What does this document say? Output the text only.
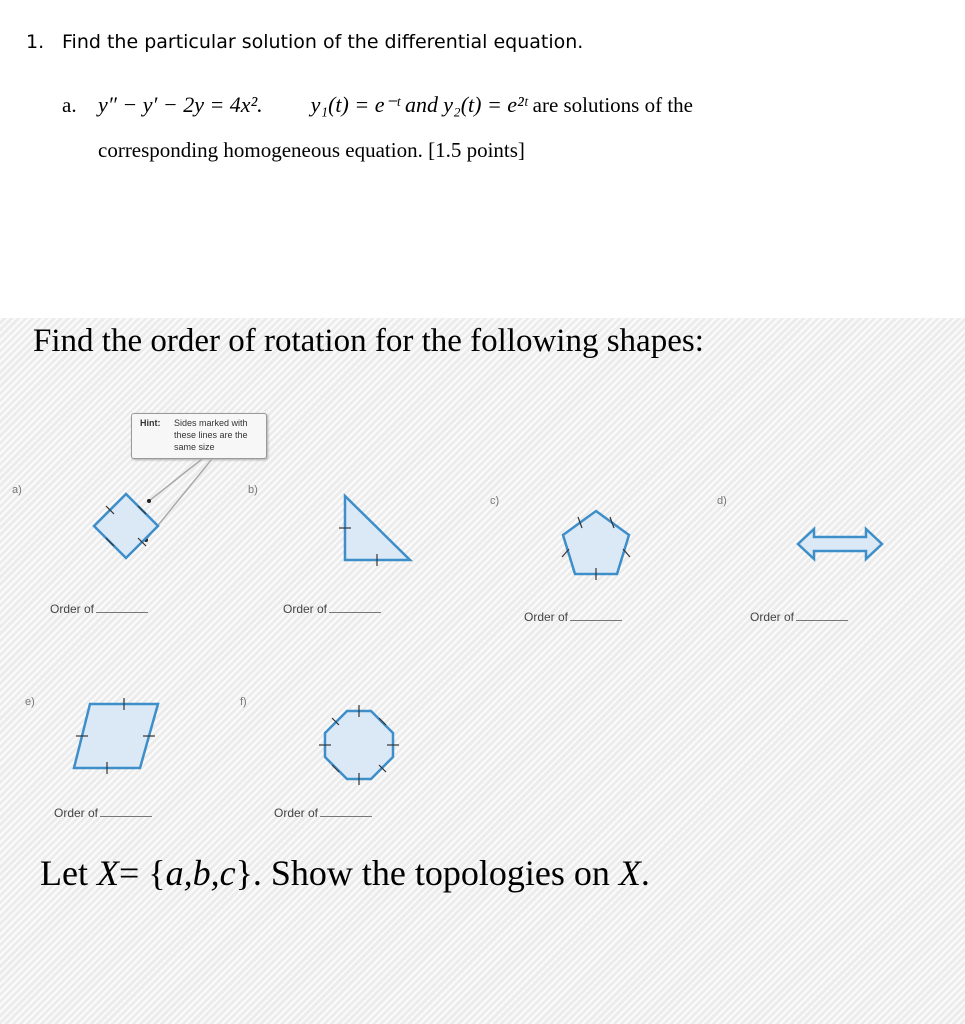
1. Find the particular solution of the differential equation.
a. y″ − y′ − 2y = 4x². y₁(t) = e⁻ᵗ and y₂(t) = e²ᵗ are solutions of the
corresponding homogeneous equation. [1.5 points]
Find the order of rotation for the following shapes:
Hint: Sides marked with these lines are the same size
a)	b)
c)	d)
e)	f)
Order of	Order of
Order of	Order of
Order of	Order of
Let X= {a,b,c}. Show the topologies on X.
